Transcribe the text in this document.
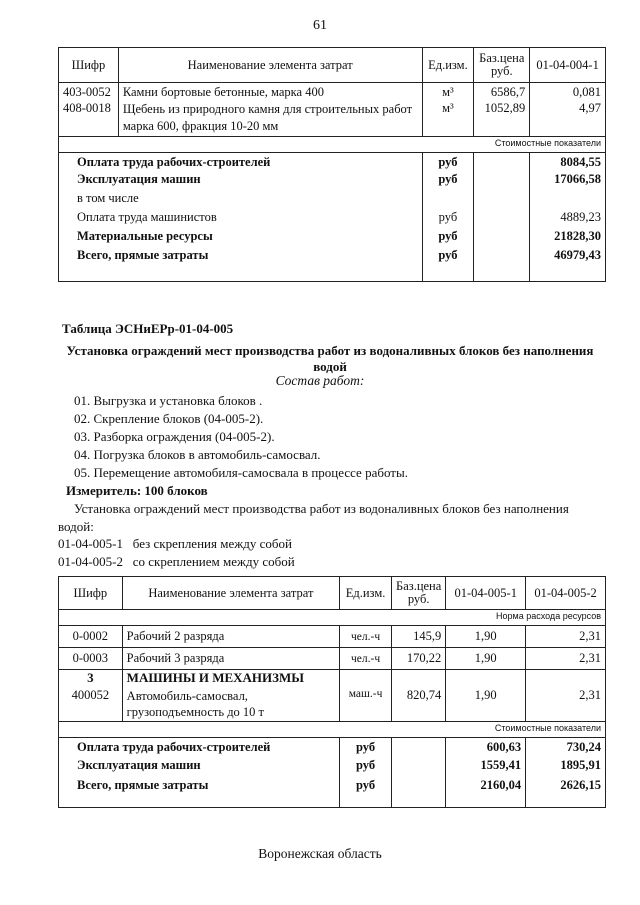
61
Шифр	Наименование элемента затрат	Ед.изм.	Баз.цена руб.	01-04-004-1
403-0052	Камни бортовые бетонные, марка 400	м³	6586,7	0,081
408-0018	Щебень из природного камня для строительных работ
марка 600, фракция 10-20 мм	м³	1052,89	4,97
Стоимостные показатели				
Оплата труда рабочих-строителей		руб		8084,55
Эксплуатация машин		руб		17066,58
в том числе				
Оплата труда машинистов		руб		4889,23
Материальные ресурсы		руб		21828,30
Всего, прямые затраты		руб		46979,43
Таблица ЭСНиЕРр-01-04-005
Установка ограждений мест производства работ из водоналивных блоков без наполнения
водой
Состав работ:
01. Выгрузка и установка блоков .
02. Скрепление блоков (04-005-2).
03. Разборка ограждения (04-005-2).
04. Погрузка блоков в автомобиль-самосвал.
05. Перемещение автомобиля-самосвала в процессе работы.
Измеритель: 100 блоков
Установка ограждений мест производства работ из водоналивных блоков без наполнения
водой:
01-04-005-1 без скрепления между собой
01-04-005-2 со скреплением между собой
Шифр	Наименование элемента затрат	Ед.изм.	Баз.цена руб.	01-04-005-1	01-04-005-2
Норма расхода ресурсов					
0-0002	Рабочий 2 разряда	чел.-ч	145,9	1,90	2,31
0-0003	Рабочий 3 разряда	чел.-ч	170,22	1,90	2,31
3	МАШИНЫ И МЕХАНИЗМЫ				
400052	Автомобиль-самосвал,
грузоподъемность до 10 т	маш.-ч	820,74	1,90	2,31
Стоимостные показатели					
Оплата труда рабочих-строителей		руб		600,63	730,24
Эксплуатация машин		руб		1559,41	1895,91
Всего, прямые затраты		руб		2160,04	2626,15
Воронежская область
